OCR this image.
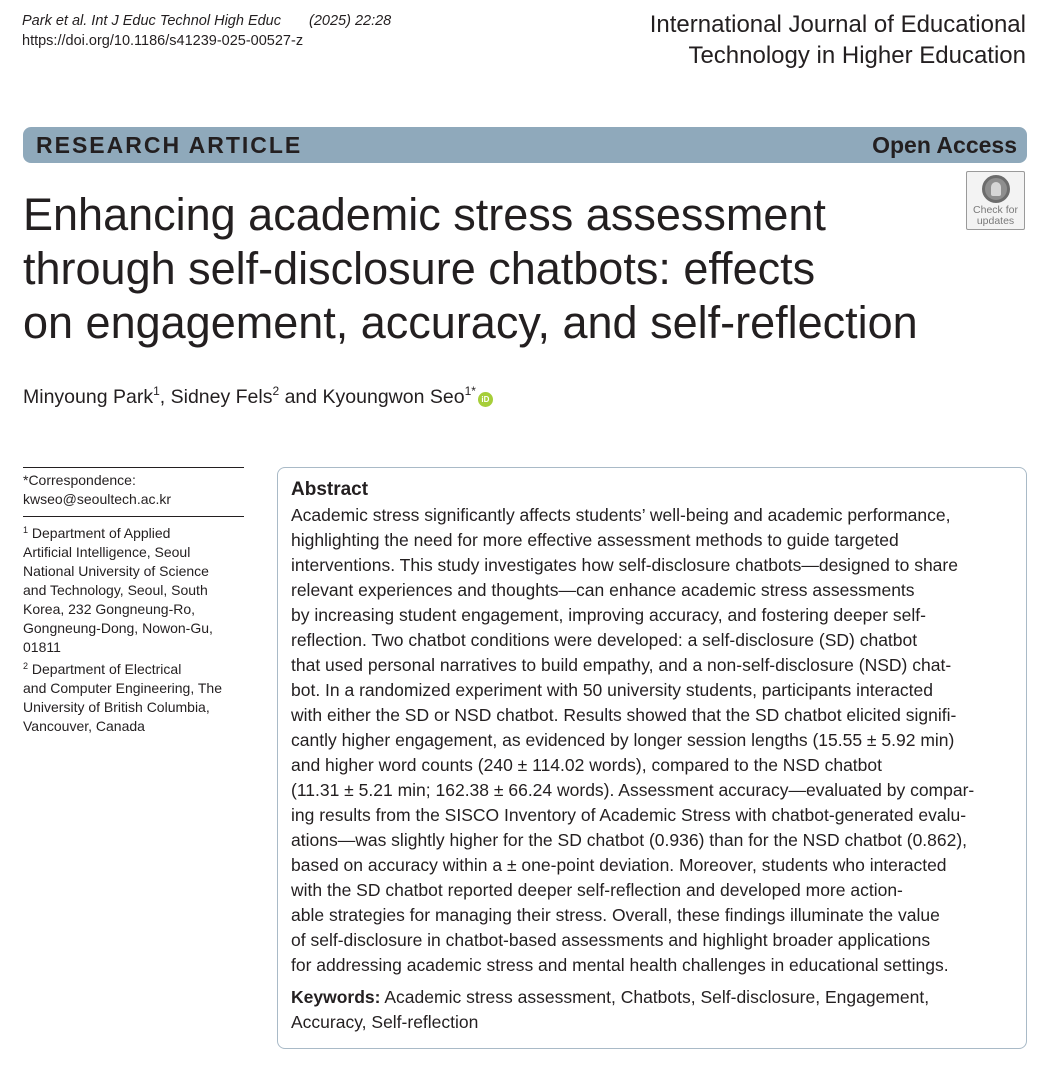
Park et al. Int J Educ Technol High Educ (2025) 22:28
https://doi.org/10.1186/s41239-025-00527-z
International Journal of Educational
Technology in Higher Education
RESEARCH ARTICLE	Open Access
Check for
updates
Enhancing academic stress assessment
through self-disclosure chatbots: effects
on engagement, accuracy, and self-reflection
Minyoung Park$^1$, Sidney Fels$^2$ and Kyoungwon Seo$^{1*}$iD
*Correspondence:
kwseo@seoultech.ac.kr
$^1$ Department of Applied
Artificial Intelligence, Seoul
National University of Science
and Technology, Seoul, South
Korea, 232 Gongneung-Ro,
Gongneung-Dong, Nowon-Gu,
01811
$^2$ Department of Electrical
and Computer Engineering, The
University of British Columbia,
Vancouver, Canada
Abstract
Academic stress significantly affects students’ well-being and academic performance,
highlighting the need for more effective assessment methods to guide targeted
interventions. This study investigates how self-disclosure chatbots—designed to share
relevant experiences and thoughts—can enhance academic stress assessments
by increasing student engagement, improving accuracy, and fostering deeper self-
reflection. Two chatbot conditions were developed: a self-disclosure (SD) chatbot
that used personal narratives to build empathy, and a non-self-disclosure (NSD) chat-
bot. In a randomized experiment with 50 university students, participants interacted
with either the SD or NSD chatbot. Results showed that the SD chatbot elicited signifi-
cantly higher engagement, as evidenced by longer session lengths (15.55 ± 5.92 min)
and higher word counts (240 ± 114.02 words), compared to the NSD chatbot
(11.31 ± 5.21 min; 162.38 ± 66.24 words). Assessment accuracy—evaluated by compar-
ing results from the SISCO Inventory of Academic Stress with chatbot-generated evalu-
ations—was slightly higher for the SD chatbot (0.936) than for the NSD chatbot (0.862),
based on accuracy within a ± one-point deviation. Moreover, students who interacted
with the SD chatbot reported deeper self-reflection and developed more action-
able strategies for managing their stress. Overall, these findings illuminate the value
of self-disclosure in chatbot-based assessments and highlight broader applications
for addressing academic stress and mental health challenges in educational settings.
Keywords: Academic stress assessment, Chatbots, Self-disclosure, Engagement,
Accuracy, Self-reflection
